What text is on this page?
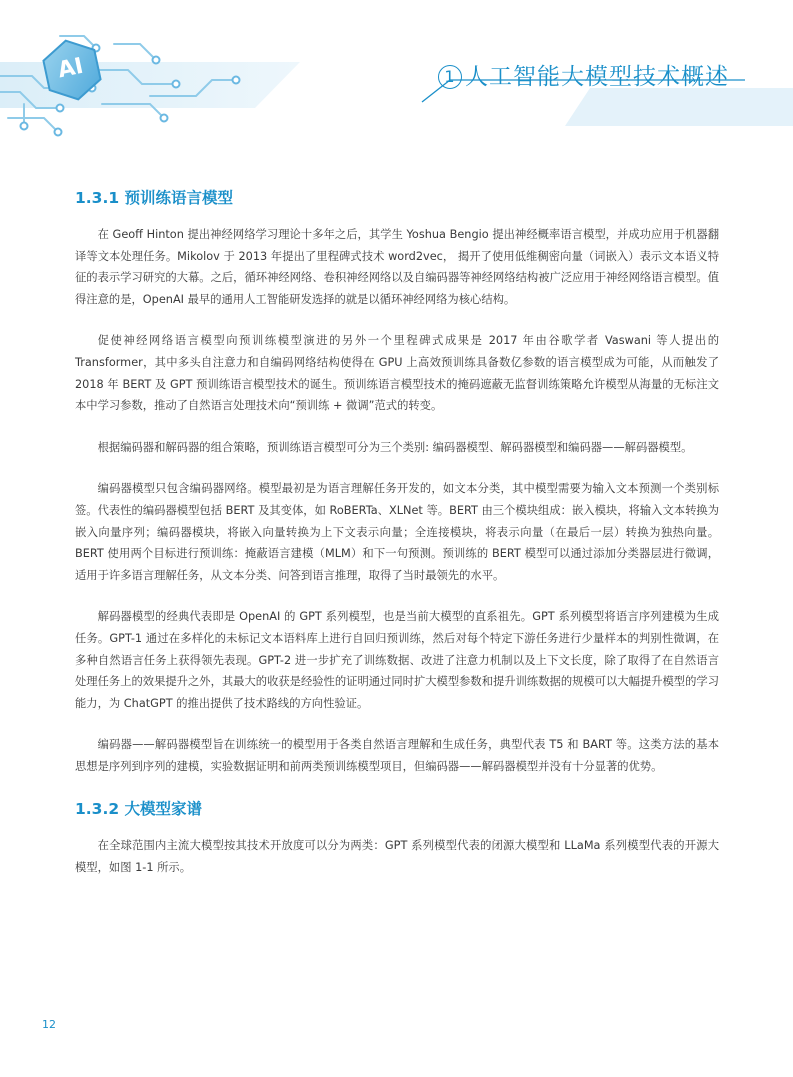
AI	1 人工智能大模型技术概述
1.3.1 预训练语言模型

在 Geoff Hinton 提出神经网络学习理论十多年之后，其学生 Yoshua Bengio 提出神经概率语言模型，并成功应用于机器翻译等文本处理任务。Mikolov 于 2013 年提出了里程碑式技术 word2vec， 揭开了使用低维稠密向量（词嵌入）表示文本语义特征的表示学习研究的大幕。之后，循环神经网络、卷积神经网络以及自编码器等神经网络结构被广泛应用于神经网络语言模型。值得注意的是，OpenAI 最早的通用人工智能研发选择的就是以循环神经网络为核心结构。

促使神经网络语言模型向预训练模型演进的另外一个里程碑式成果是 2017 年由谷歌学者 Vaswani 等人提出的 Transformer，其中多头自注意力和自编码网络结构使得在 GPU 上高效预训练具备数亿参数的语言模型成为可能，从而触发了 2018 年 BERT 及 GPT 预训练语言模型技术的诞生。预训练语言模型技术的掩码遮蔽无监督训练策略允许模型从海量的无标注文本中学习参数，推动了自然语言处理技术向“预训练 + 微调”范式的转变。

根据编码器和解码器的组合策略，预训练语言模型可分为三个类别: 编码器模型、解码器模型和编码器——解码器模型。

编码器模型只包含编码器网络。模型最初是为语言理解任务开发的，如文本分类，其中模型需要为输入文本预测一个类别标签。代表性的编码器模型包括 BERT 及其变体，如 RoBERTa、XLNet 等。BERT 由三个模块组成：嵌入模块，将输入文本转换为嵌入向量序列；编码器模块，将嵌入向量转换为上下文表示向量；全连接模块，将表示向量（在最后一层）转换为独热向量。BERT 使用两个目标进行预训练：掩蔽语言建模（MLM）和下一句预测。预训练的 BERT 模型可以通过添加分类器层进行微调，适用于许多语言理解任务，从文本分类、问答到语言推理，取得了当时最领先的水平。

解码器模型的经典代表即是 OpenAI 的 GPT 系列模型，也是当前大模型的直系祖先。GPT 系列模型将语言序列建模为生成任务。GPT-1 通过在多样化的未标记文本语料库上进行自回归预训练，然后对每个特定下游任务进行少量样本的判别性微调，在多种自然语言任务上获得领先表现。GPT-2 进一步扩充了训练数据、改进了注意力机制以及上下文长度，除了取得了在自然语言处理任务上的效果提升之外，其最大的收获是经验性的证明通过同时扩大模型参数和提升训练数据的规模可以大幅提升模型的学习能力，为 ChatGPT 的推出提供了技术路线的方向性验证。

编码器——解码器模型旨在训练统一的模型用于各类自然语言理解和生成任务，典型代表 T5 和 BART 等。这类方法的基本思想是序列到序列的建模，实验数据证明和前两类预训练模型项目，但编码器——解码器模型并没有十分显著的优势。

1.3.2 大模型家谱

在全球范围内主流大模型按其技术开放度可以分为两类：GPT 系列模型代表的闭源大模型和 LLaMa 系列模型代表的开源大模型，如图 1-1 所示。

12
